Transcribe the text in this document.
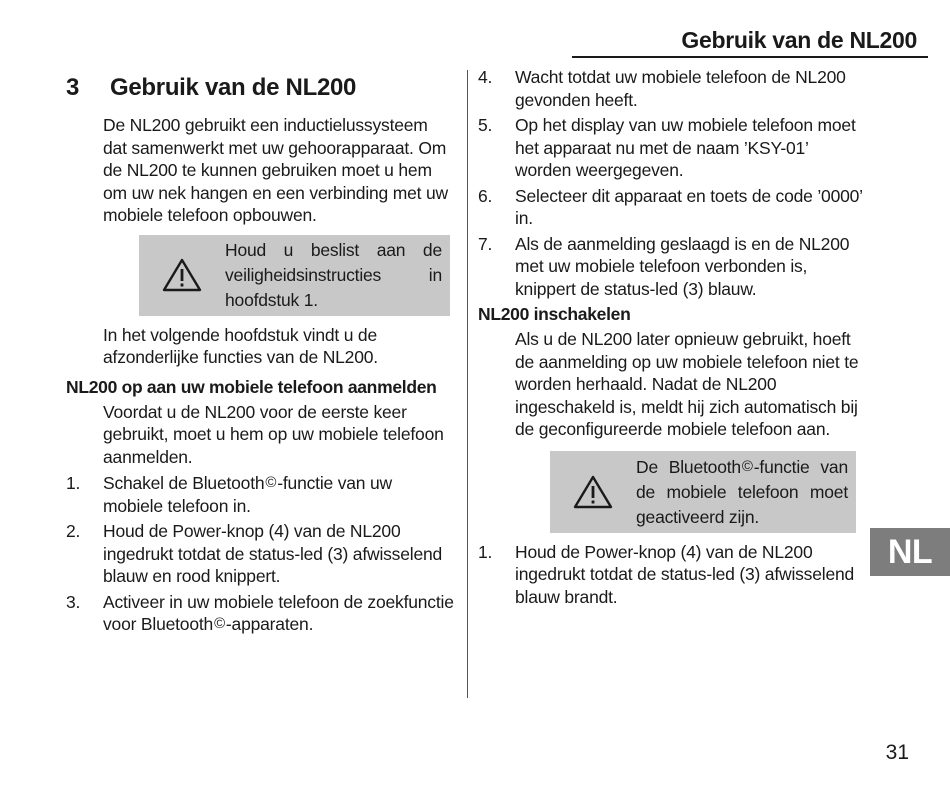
Gebruik van de NL200
3	Gebruik van de NL200

De NL200 gebruikt een inductielussysteem dat samenwerkt met uw gehoorapparaat. Om de NL200 te kunnen gebruiken moet u hem om uw nek hangen en een verbinding met uw mobiele telefoon opbouwen.

Houd u beslist aan de veiligheidsinstructies in hoofdstuk 1.

In het volgende hoofdstuk vindt u de afzonderlijke functies van de NL200.

NL200 op aan uw mobiele telefoon aanmelden

Voordat u de NL200 voor de eerste keer gebruikt, moet u hem op uw mobiele telefoon aanmelden.

1.	Schakel de Bluetooth©-functie van uw mobiele telefoon in.
2.	Houd de Power-knop (4) van de NL200 ingedrukt totdat de status-led (3) afwisselend blauw en rood knippert.
3.	Activeer in uw mobiele telefoon de zoekfunctie voor Bluetooth©-apparaten.
4.	Wacht totdat uw mobiele telefoon de NL200 gevonden heeft.
5.	Op het display van uw mobiele telefoon moet het apparaat nu met de naam ’KSY-01’ worden weergegeven.
6.	Selecteer dit apparaat en toets de code ’0000’ in.
7.	Als de aanmelding geslaagd is en de NL200 met uw mobiele telefoon verbonden is, knippert de status-led (3) blauw.
NL200 inschakelen

Als u de NL200 later opnieuw gebruikt, hoeft de aanmelding op uw mobiele telefoon niet te worden herhaald. Nadat de NL200 ingeschakeld is, meldt hij zich automatisch bij de geconfigureerde mobiele telefoon aan.

De Bluetooth©-functie van de mobiele telefoon moet geactiveerd zijn.
1.	Houd de Power-knop (4) van de NL200 ingedrukt totdat de status-led (3) afwisselend blauw brandt.
NL
31
